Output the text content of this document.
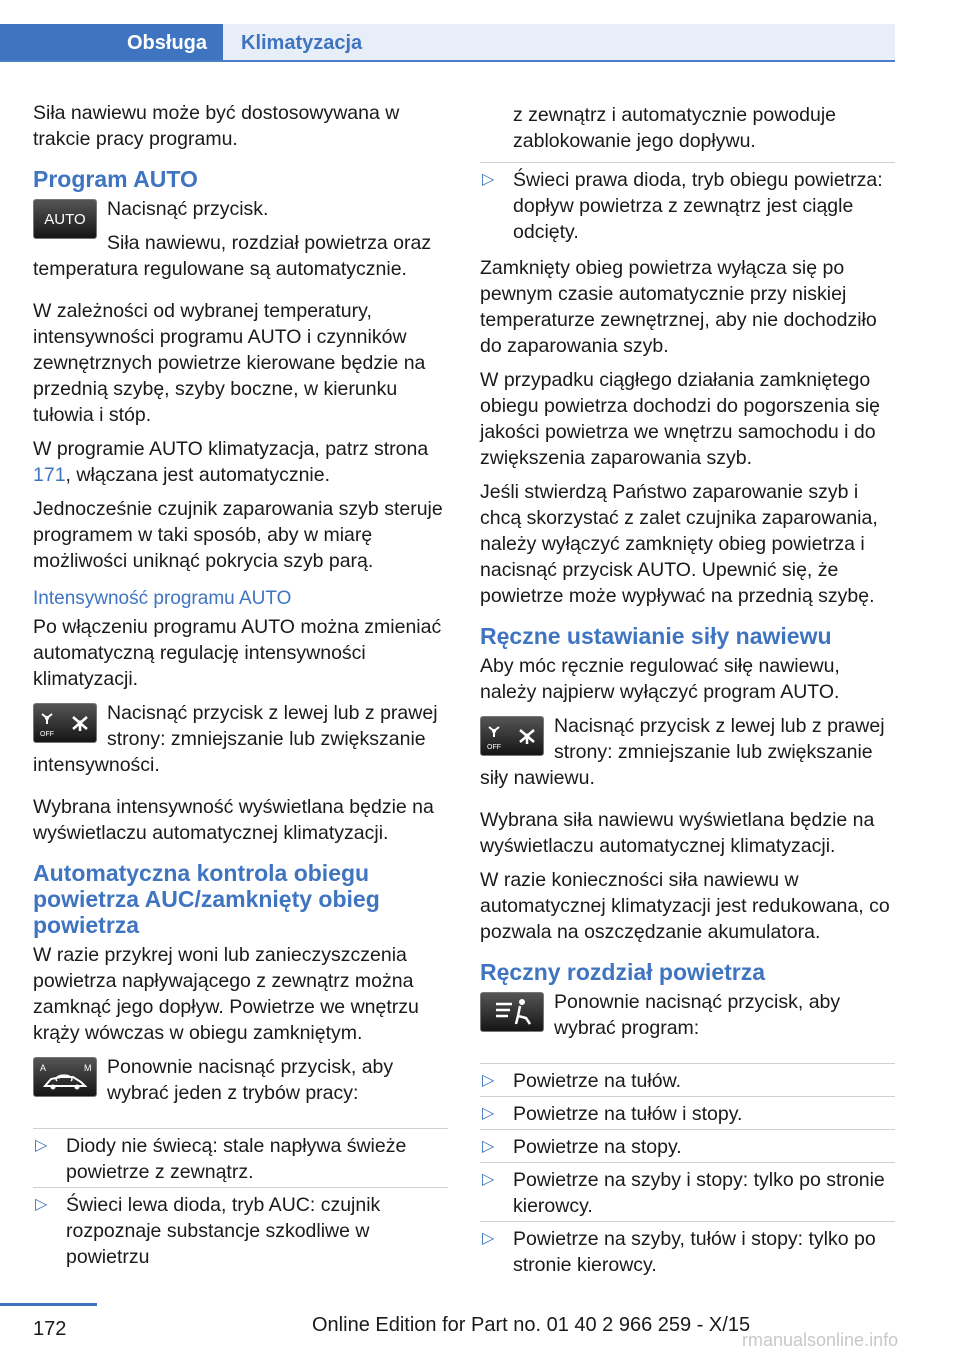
Obsługa Klimatyzacja

Siła nawiewu może być dostosowywana w trakcie pracy programu.

Program AUTO
AUTO	Nacisnąć przycisk.

Siła nawiewu, rozdział powietrza oraz temperatura regulowane są automatycznie.

W zależności od wybranej temperatury, intensywności programu AUTO i czynników zewnętrznych powietrze kierowane będzie na przednią szybę, szyby boczne, w kierunku tułowia i stóp.

W programie AUTO klimatyzacja, patrz strona 171, włączana jest automatycznie.

Jednocześnie czujnik zaparowania szyb steruje programem w taki sposób, aby w miarę możliwości uniknąć pokrycia szyb parą.

Intensywność programu AUTO

Po włączeniu programu AUTO można zmieniać automatyczną regulację intensywności klimatyzacji.

OFF

Nacisnąć przycisk z lewej lub z prawej strony: zmniejszanie lub zwiększanie intensywności.

Wybrana intensywność wyświetlana będzie na wyświetlaczu automatycznej klimatyzacji.

Automatyczna kontrola obiegu powietrza AUC/zamknięty obieg powietrza

W razie przykrej woni lub zanieczyszczenia powietrza napływającego z zewnątrz można zamknąć jego dopływ. Powietrze we wnętrzu krąży wówczas w obiegu zamkniętym.

A	M Ponownie nacisnąć przycisk, aby wybrać jeden z trybów pracy:

▷ Diody nie świecą: stale napływa świeże powietrze z zewnątrz.
▷ Świeci lewa dioda, tryb AUC: czujnik rozpoznaje substancje szkodliwe w powietrzu

z zewnątrz i automatycznie powoduje zablokowanie jego dopływu.

▷ Świeci prawa dioda, tryb obiegu powietrza: dopływ powietrza z zewnątrz jest ciągle odcięty.

Zamknięty obieg powietrza wyłącza się po pewnym czasie automatycznie przy niskiej temperaturze zewnętrznej, aby nie dochodziło do zaparowania szyb.

W przypadku ciągłego działania zamkniętego obiegu powietrza dochodzi do pogorszenia się jakości powietrza we wnętrzu samochodu i do zwiększenia zaparowania szyb.

Jeśli stwierdzą Państwo zaparowanie szyb i chcą skorzystać z zalet czujnika zaparowania, należy wyłączyć zamknięty obieg powietrza i nacisnąć przycisk AUTO. Upewnić się, że powietrze może wypływać na przednią szybę.

Ręczne ustawianie siły nawiewu

Aby móc ręcznie regulować siłę nawiewu, należy najpierw wyłączyć program AUTO.

OFF

Nacisnąć przycisk z lewej lub z prawej strony: zmniejszanie lub zwiększanie siły nawiewu.

Wybrana siła nawiewu wyświetlana będzie na wyświetlaczu automatycznej klimatyzacji.

W razie konieczności siła nawiewu w automatycznej klimatyzacji jest redukowana, co pozwala na oszczędzanie akumulatora.

Ręczny rozdział powietrza

Ponownie nacisnąć przycisk, aby wybrać program:

▷ Powietrze na tułów.
▷ Powietrze na tułów i stopy.
▷ Powietrze na stopy.
▷ Powietrze na szyby i stopy: tylko po stronie kierowcy.
▷ Powietrze na szyby, tułów i stopy: tylko po stronie kierowcy.
172	Online Edition for Part no. 01 40 2 966 259 - X/15
rmanualsonline.info
